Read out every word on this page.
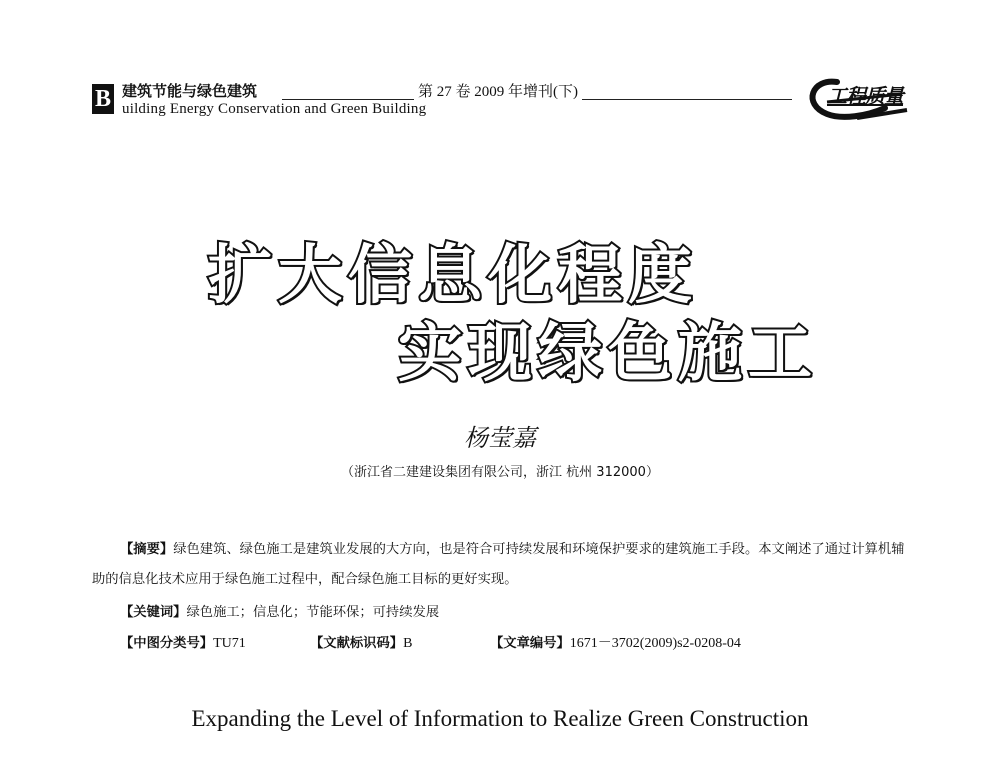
B 建筑节能与绿色建筑
uilding Energy Conservation and Green Building
第 27 卷 2009 年增刊(下)	工程质量
扩大信息化程度
实现绿色施工
杨莹嘉
（浙江省二建建设集团有限公司，浙江 杭州 312000）
【摘要】绿色建筑、绿色施工是建筑业发展的大方向，也是符合可持续发展和环境保护要求的建筑施工手段。本文阐述了通过计算机辅助的信息化技术应用于绿色施工过程中，配合绿色施工目标的更好实现。
【关键词】绿色施工；信息化；节能环保；可持续发展
【中图分类号】TU71	【文献标识码】B	【文章编号】1671－3702(2009)s2-0208-04
Expanding the Level of Information to Realize Green Construction
